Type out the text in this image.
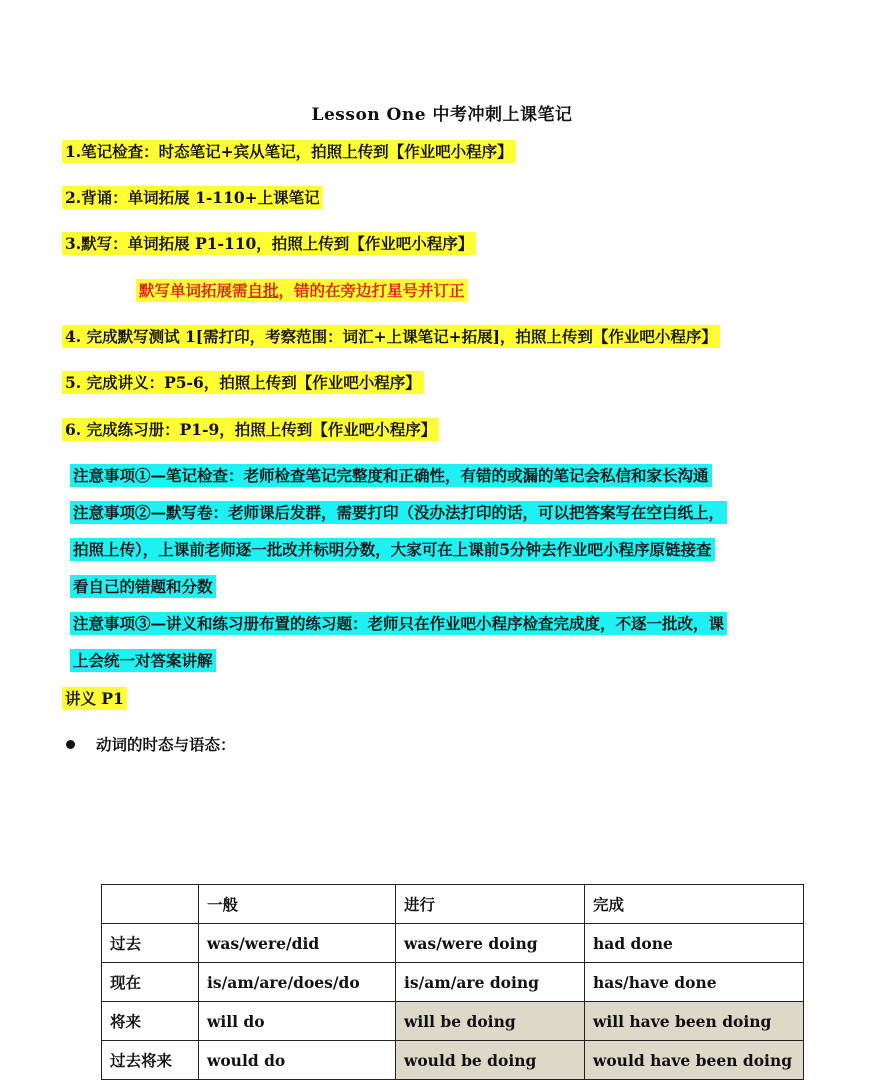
Lesson One 中考冲刺上课笔记
1.笔记检查：时态笔记+宾从笔记，拍照上传到【作业吧小程序】
2.背诵：单词拓展 1-110+上课笔记
3.默写：单词拓展 P1-110，拍照上传到【作业吧小程序】
默写单词拓展需自批，错的在旁边打星号并订正
4. 完成默写测试 1[需打印，考察范围：词汇+上课笔记+拓展]，拍照上传到【作业吧小程序】
5. 完成讲义：P5-6，拍照上传到【作业吧小程序】
6. 完成练习册：P1-9，拍照上传到【作业吧小程序】
注意事项①—笔记检查：老师检查笔记完整度和正确性，有错的或漏的笔记会私信和家长沟通
注意事项②—默写卷：老师课后发群，需要打印（没办法打印的话，可以把答案写在空白纸上，
拍照上传），上课前老师逐一批改并标明分数，大家可在上课前5分钟去作业吧小程序原链接查
看自己的错题和分数
注意事项③—讲义和练习册布置的练习题：老师只在作业吧小程序检查完成度，不逐一批改，课
上会统一对答案讲解
讲义 P1
动词的时态与语态：
	一般	进行	完成
过去	was/were/did	was/were doing	had done
现在	is/am/are/does/do	is/am/are doing	has/have done
将来	will do	will be doing	will have been doing
过去将来	would do	would be doing	would have been doing
